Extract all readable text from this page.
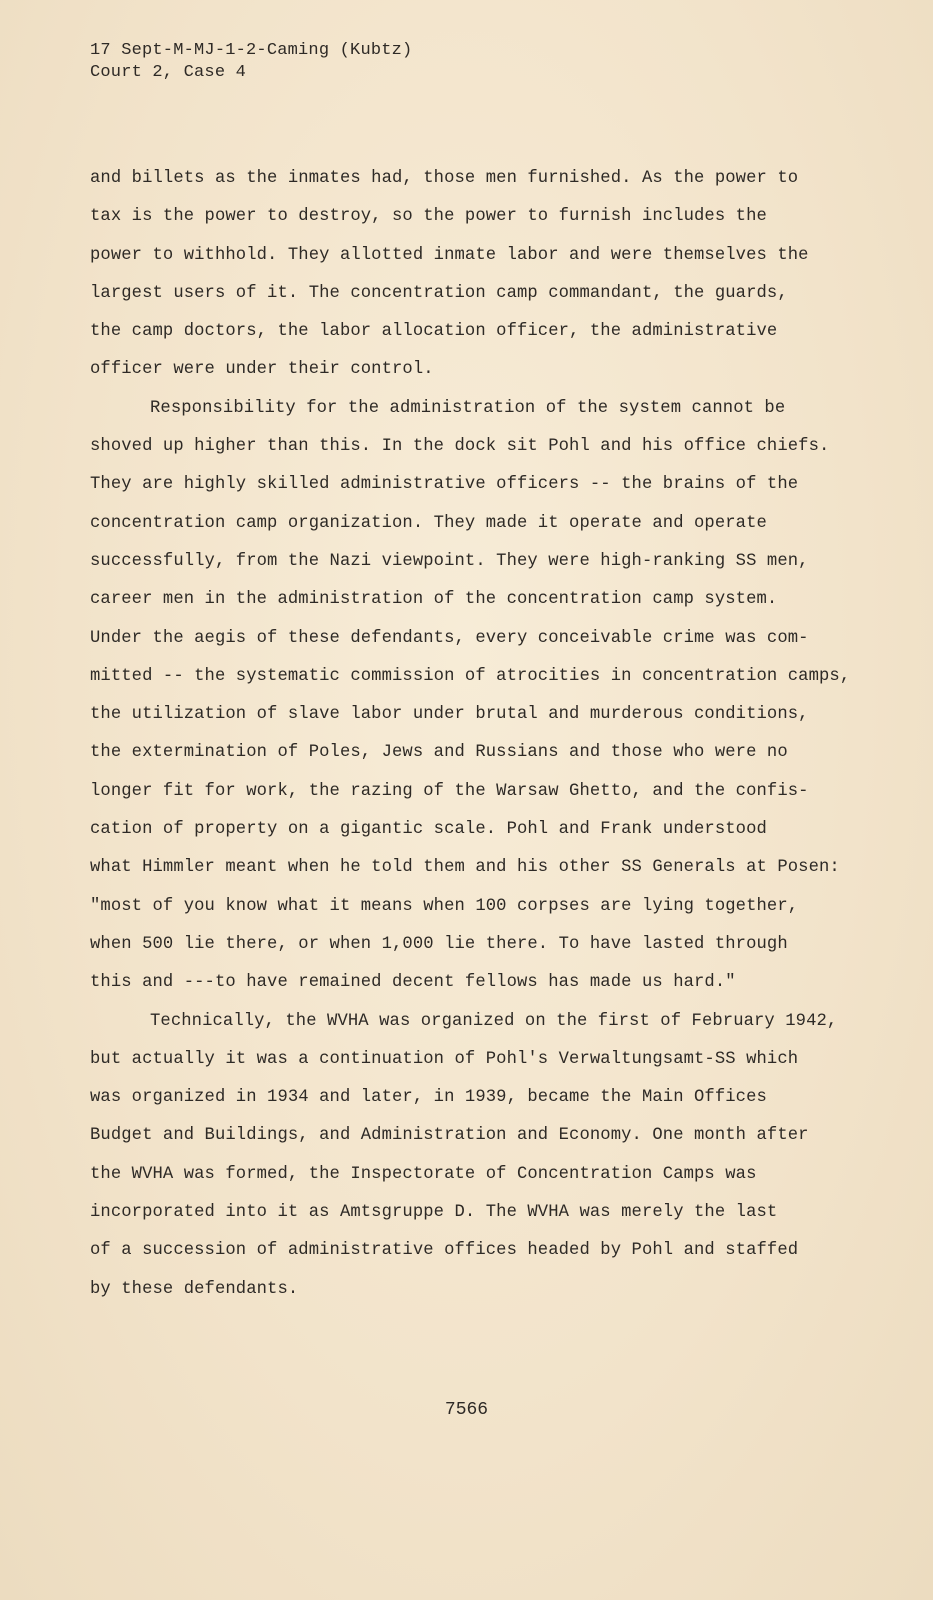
17 Sept-M-MJ-1-2-Caming (Kubtz)
Court 2, Case 4
and billets as the inmates had, those men furnished. As the power to
tax is the power to destroy, so the power to furnish includes the
power to withhold. They allotted inmate labor and were themselves the
largest users of it. The concentration camp commandant, the guards,
the camp doctors, the labor allocation officer, the administrative
officer were under their control.
Responsibility for the administration of the system cannot be
shoved up higher than this. In the dock sit Pohl and his office chiefs.
They are highly skilled administrative officers -- the brains of the
concentration camp organization. They made it operate and operate
successfully, from the Nazi viewpoint. They were high-ranking SS men,
career men in the administration of the concentration camp system.
Under the aegis of these defendants, every conceivable crime was com-
mitted -- the systematic commission of atrocities in concentration camps,
the utilization of slave labor under brutal and murderous conditions,
the extermination of Poles, Jews and Russians and those who were no
longer fit for work, the razing of the Warsaw Ghetto, and the confis-
cation of property on a gigantic scale. Pohl and Frank understood
what Himmler meant when he told them and his other SS Generals at Posen:
"most of you know what it means when 100 corpses are lying together,
when 500 lie there, or when 1,000 lie there. To have lasted through
this and ---to have remained decent fellows has made us hard."
Technically, the WVHA was organized on the first of February 1942,
but actually it was a continuation of Pohl's Verwaltungsamt-SS which
was organized in 1934 and later, in 1939, became the Main Offices
Budget and Buildings, and Administration and Economy. One month after
the WVHA was formed, the Inspectorate of Concentration Camps was
incorporated into it as Amtsgruppe D. The WVHA was merely the last
of a succession of administrative offices headed by Pohl and staffed
by these defendants.
7566
